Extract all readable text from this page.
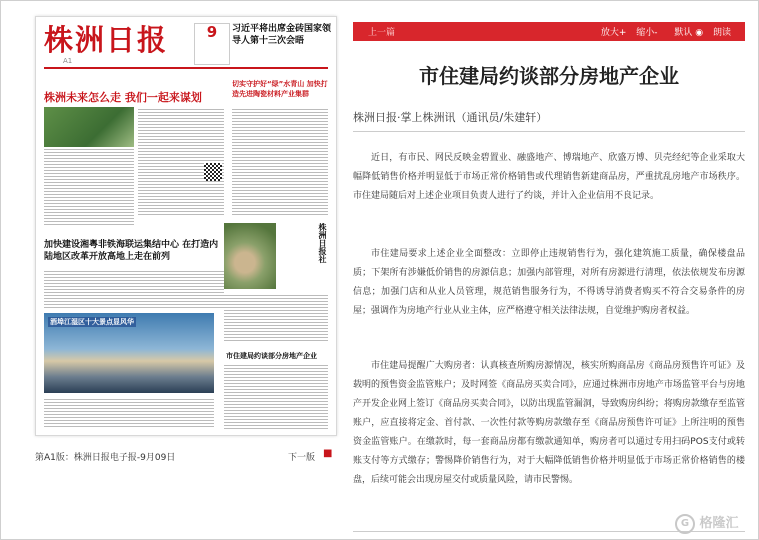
株洲日报
A1
9	习近平将出席金砖国家领导人第十三次会晤
切实守护好“绿”水青山 加快打造先进陶瓷材料产业集群
株洲未来怎么走 我们一起来谋划
加快建设湘粤非铁海联运集结中心 在打造内陆地区改革开放高地上走在前列	株洲日报社
酒埠江湿区十大景点显风华
市住建局约谈部分房地产企业
第A1版：株洲日报电子报-9月09日	下一版 ■
上一篇	放大+ 缩小- 默认 ◉ 朗读
市住建局约谈部分房地产企业
株洲日报·掌上株洲讯（通讯员/朱建轩）
近日，有市民、网民反映金碧置业、融盛地产、博瑞地产、欣盛万博、贝壳经纪等企业采取大幅降低销售价格并明显低于市场正常价格销售或代理销售新建商品房，严重扰乱房地产市场秩序。市住建局随后对上述企业项目负责人进行了约谈，并计入企业信用不良记录。
市住建局要求上述企业全面整改：立即停止违规销售行为，强化建筑施工质量，确保楼盘品质；下架所有涉嫌低价销售的房源信息；加强内部管理，对所有房源进行清理，依法依规发布房源信息；加强门店和从业人员管理，规范销售服务行为，不得诱导消费者购买不符合交易条件的房屋；强调作为房地产行业从业主体，应严格遵守相关法律法规，自觉维护购房者权益。
市住建局提醒广大购房者：认真核查所购房源情况，核实所购商品房《商品房预售许可证》及载明的预售资金监管账户；及时网签《商品房买卖合同》，应通过株洲市房地产市场监管平台与房地产开发企业网上签订《商品房买卖合同》，以防出现监管漏洞，导致购房纠纷；将购房款缴存至监管账户，应直接将定金、首付款、一次性付款等购房款缴存至《商品房预售许可证》上所注明的预售资金监管账户。在缴款时，每一套商品房都有缴款通知单，购房者可以通过专用扫码POS支付或转账支付等方式缴存；警惕降价销售行为，对于大幅降低销售价格并明显低于市场正常价格销售的楼盘，后续可能会出现房屋交付或质量风险，请市民警惕。
G 格隆汇
